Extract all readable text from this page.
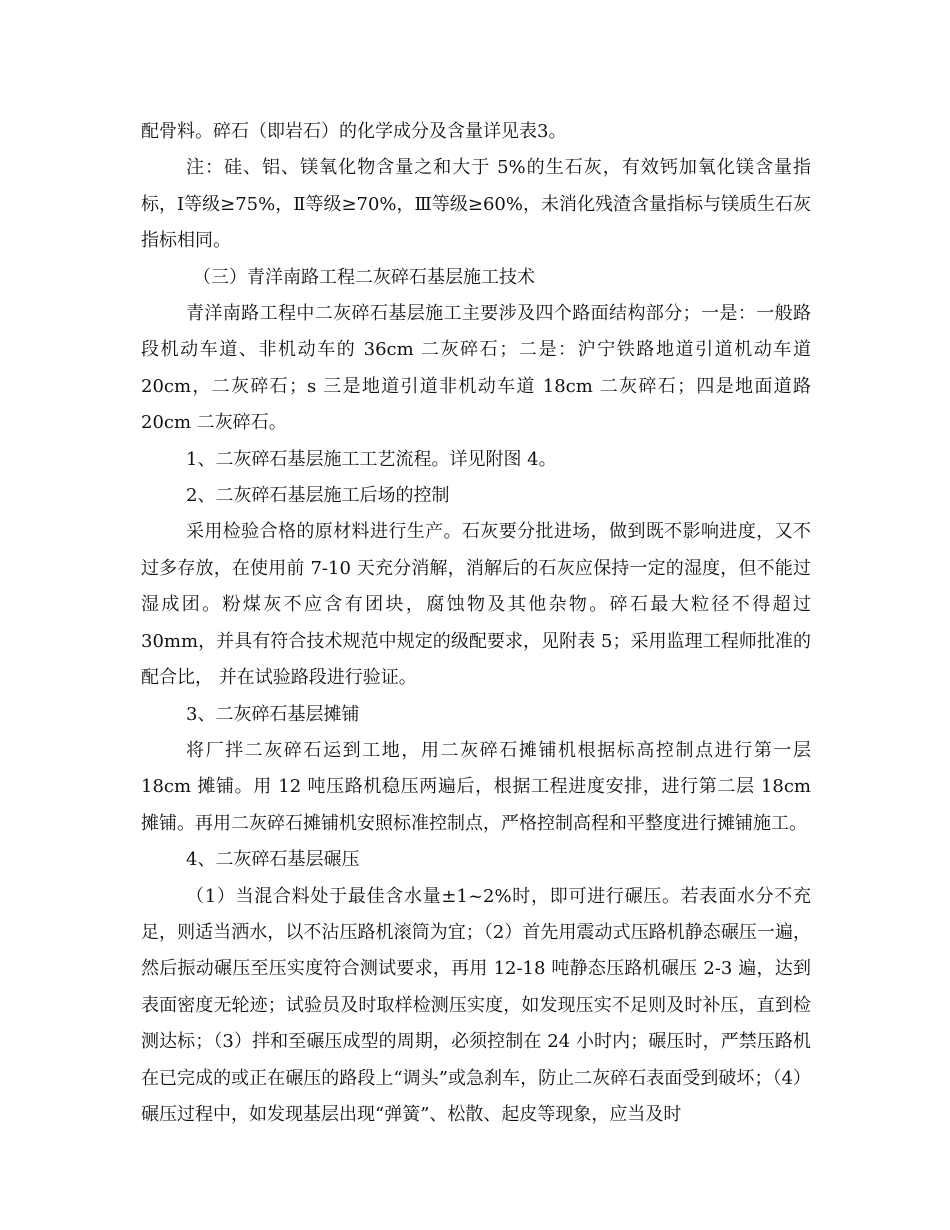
配骨料。碎石（即岩石）的化学成分及含量详见表3。

注：硅、铝、镁氧化物含量之和大于 5%的生石灰，有效钙加氧化镁含量指标，Ⅰ等级≥75%，Ⅱ等级≥70%，Ⅲ等级≥60%，未消化残渣含量指标与镁质生石灰指标相同。

（三）青洋南路工程二灰碎石基层施工技术

青洋南路工程中二灰碎石基层施工主要涉及四个路面结构部分；一是：一般路段机动车道、非机动车的 36cm 二灰碎石；二是：沪宁铁路地道引道机动车道 20cm，二灰碎石；s 三是地道引道非机动车道 18cm 二灰碎石；四是地面道路 20cm 二灰碎石。

1、二灰碎石基层施工工艺流程。详见附图 4。

2、二灰碎石基层施工后场的控制

采用检验合格的原材料进行生产。石灰要分批进场，做到既不影响进度，又不过多存放，在使用前 7-10 天充分消解，消解后的石灰应保持一定的湿度，但不能过湿成团。粉煤灰不应含有团块，腐蚀物及其他杂物。碎石最大粒径不得超过 30mm，并具有符合技术规范中规定的级配要求，见附表 5；采用监理工程师批准的配合比， 并在试验路段进行验证。

3、二灰碎石基层摊铺

将厂拌二灰碎石运到工地，用二灰碎石摊铺机根据标高控制点进行第一层 18cm 摊铺。用 12 吨压路机稳压两遍后，根据工程进度安排，进行第二层 18cm 摊铺。再用二灰碎石摊铺机安照标准控制点，严格控制高程和平整度进行摊铺施工。

4、二灰碎石基层碾压

（1）当混合料处于最佳含水量±1~2%时，即可进行碾压。若表面水分不充足，则适当洒水，以不沾压路机滚筒为宜；（2）首先用震动式压路机静态碾压一遍，然后振动碾压至压实度符合测试要求，再用 12-18 吨静态压路机碾压 2-3 遍，达到表面密度无轮迹；试验员及时取样检测压实度，如发现压实不足则及时补压，直到检测达标；（3）拌和至碾压成型的周期，必须控制在 24 小时内；碾压时，严禁压路机在已完成的或正在碾压的路段上“调头”或急刹车，防止二灰碎石表面受到破坏；（4）碾压过程中，如发现基层出现“弹簧”、松散、起皮等现象，应当及时
